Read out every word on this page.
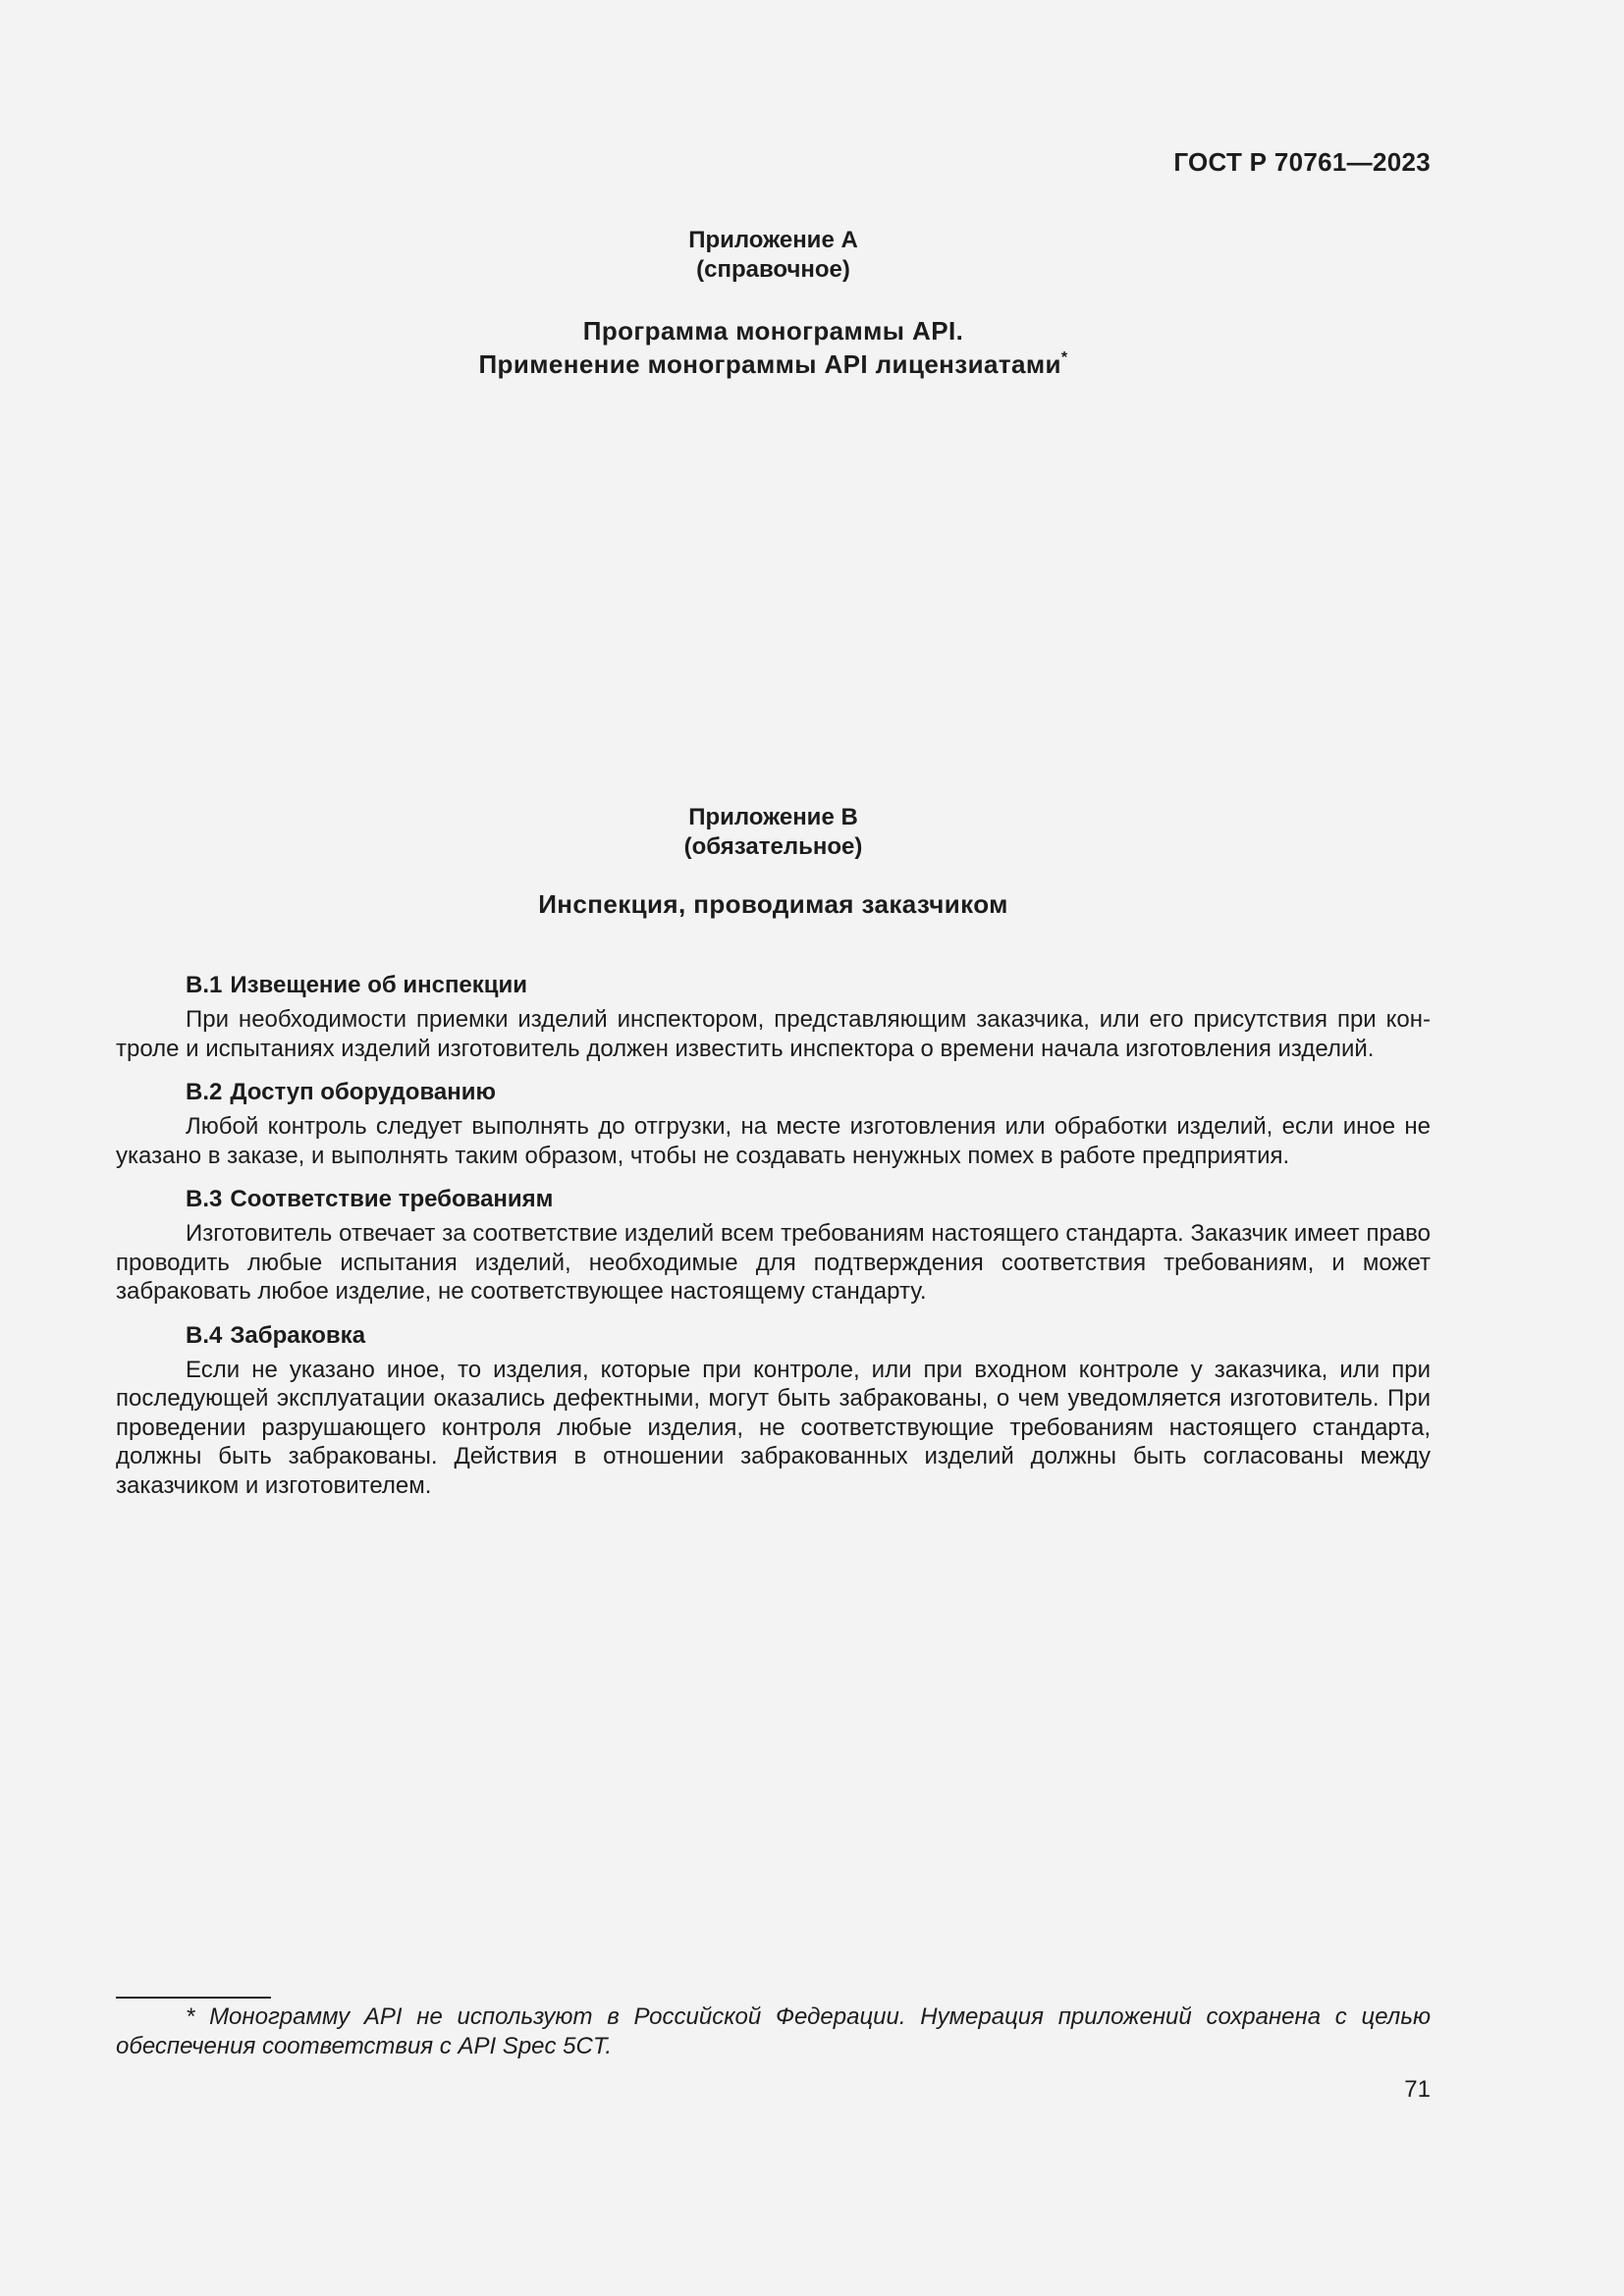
ГОСТ Р 70761—2023
Приложение А
(справочное)
Программа монограммы API.
Применение монограммы API лицензиатами*
Приложение В
(обязательное)
Инспекция, проводимая заказчиком

В.1 Извещение об инспекции

При необходимости приемки изделий инспектором, представляющим заказчика, или его присутствия при контроле и испытаниях изделий изготовитель должен известить инспектора о времени начала изготовления изделий.

В.2 Доступ оборудованию

Любой контроль следует выполнять до отгрузки, на месте изготовления или обработки изделий, если иное не указано в заказе, и выполнять таким образом, чтобы не создавать ненужных помех в работе предприятия.

В.3 Соответствие требованиям

Изготовитель отвечает за соответствие изделий всем требованиям настоящего стандарта. Заказчик имеет право проводить любые испытания изделий, необходимые для подтверждения соответствия требованиям, и может забраковать любое изделие, не соответствующее настоящему стандарту.

В.4 Забраковка

Если не указано иное, то изделия, которые при контроле, или при входном контроле у заказчика, или при последующей эксплуатации оказались дефектными, могут быть забракованы, о чем уведомляется изготовитель. При проведении разрушающего контроля любые изделия, не соответствующие требованиям настоящего стандарта, должны быть забракованы. Действия в отношении забракованных изделий должны быть согласованы между заказчиком и изготовителем.

* Монограмму API не используют в Российской Федерации. Нумерация приложений сохранена с целью обеспечения соответствия с API Spec 5CT.
71
